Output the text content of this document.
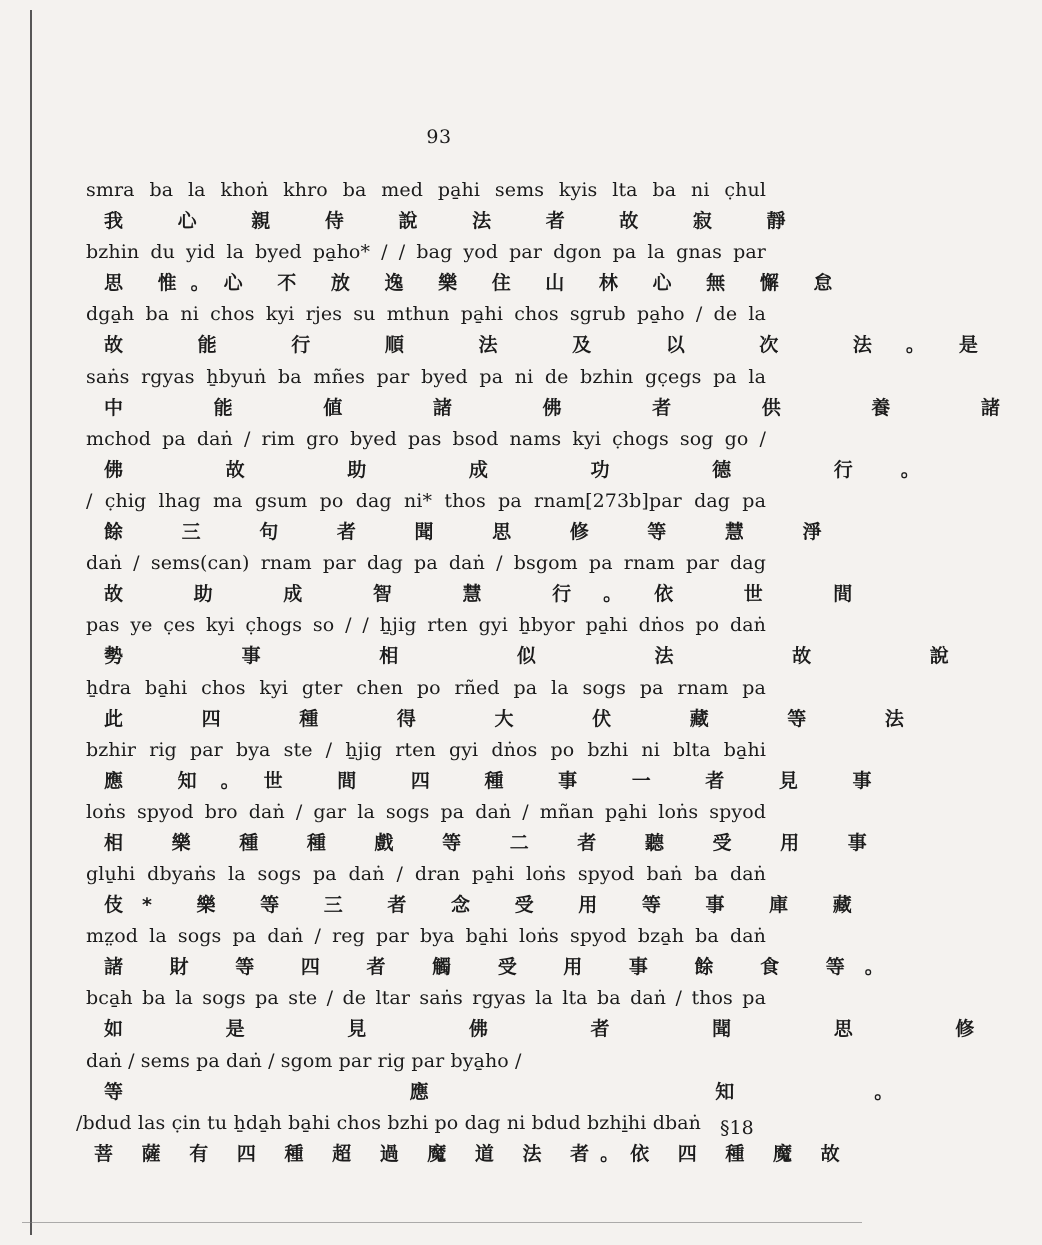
93
smra ba la khoṅ khro ba med pa̱hi sems kyis lta ba ni c̣hul
我 心 親 侍 說 法 者 故 寂 靜
bzhin du yid la byed pa̱ho* / / bag yod par dgon pa la gnas par
思 惟。心 不 放 逸 樂 住 山 林 心 無 懈 怠
dga̱h ba ni chos kyi rjes su mthun pa̱hi chos sgrub pa̱ho / de la
故 能 行 順 法 及 以 次 法。是
saṅs rgyas ẖbyuṅ ba mñes par byed pa ni de bzhin gc̣egs pa la
中 能 値 諸 佛 者 供 養 諸
mchod pa daṅ / rim gro byed pas bsod nams kyi c̣hogs sog go /
佛 故 助 成 功 德 行。
/ c̣hig lhag ma gsum po dag ni* thos pa rnam[273b]par dag pa
餘 三 句 者 聞 思 修 等 慧 淨
daṅ / sems(can) rnam par dag pa daṅ / bsgom pa rnam par dag
故 助 成 智 慧 行。依 世 間
pas ye c̣es kyi c̣hogs so / / ẖjig rten gyi ẖbyor pa̱hi dṅos po daṅ
勢 事 相 似 法 故 說
ẖdra ba̱hi chos kyi gter chen po rñed pa la sogs pa rnam pa
此 四 種 得 大 伏 藏 等 法
bzhir rig par bya ste / ẖjig rten gyi dṅos po bzhi ni blta ba̱hi
應 知。世 間 四 種 事 一 者 見 事
loṅs spyod bro daṅ / gar la sogs pa daṅ / mñan pa̱hi loṅs spyod
相 樂 種 種 戲 等 二 者 聽 受 用 事
glu̱hi dbyaṅs la sogs pa daṅ / dran pa̱hi loṅs spyod baṅ ba daṅ
伎* 樂 等 三 者 念 受 用 等 事 庫 藏
mz̤od la sogs pa daṅ / reg par bya ba̱hi loṅs spyod bza̱h ba daṅ
諸 財 等 四 者 觸 受 用 事 餘 食 等。
bca̱h ba la sogs pa ste / de ltar saṅs rgyas la lta ba daṅ / thos pa
如 是 見 佛 者 聞 思 修
daṅ / sems pa daṅ / sgom par rig par bya̱ho /
等 應 知。
/bdud las c̣in tu ẖda̱h ba̱hi chos bzhi po dag ni bdud bzhi̱hi dbaṅ
菩 薩 有 四 種 超 過 魔 道 法 者。依 四 種 魔 故
§18
